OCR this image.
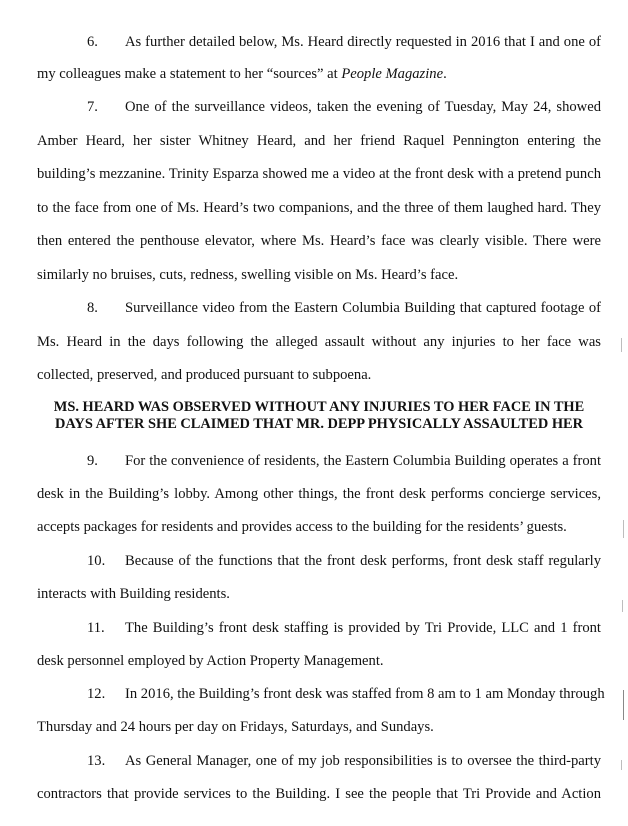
6. As further detailed below, Ms. Heard directly requested in 2016 that I and one of
my colleagues make a statement to her “sources” at People Magazine.
7. One of the surveillance videos, taken the evening of Tuesday, May 24, showed
Amber Heard, her sister Whitney Heard, and her friend Raquel Pennington entering the
building’s mezzanine. Trinity Esparza showed me a video at the front desk with a pretend punch
to the face from one of Ms. Heard’s two companions, and the three of them laughed hard. They
then entered the penthouse elevator, where Ms. Heard’s face was clearly visible. There were
similarly no bruises, cuts, redness, swelling visible on Ms. Heard’s face.
8. Surveillance video from the Eastern Columbia Building that captured footage of
Ms. Heard in the days following the alleged assault without any injuries to her face was
collected, preserved, and produced pursuant to subpoena.
MS. HEARD WAS OBSERVED WITHOUT ANY INJURIES TO HER FACE IN THE
DAYS AFTER SHE CLAIMED THAT MR. DEPP PHYSICALLY ASSAULTED HER
9. For the convenience of residents, the Eastern Columbia Building operates a front
desk in the Building’s lobby. Among other things, the front desk performs concierge services,
accepts packages for residents and provides access to the building for the residents’ guests.
10. Because of the functions that the front desk performs, front desk staff regularly
interacts with Building residents.
11. The Building’s front desk staffing is provided by Tri Provide, LLC and 1 front
desk personnel employed by Action Property Management.
12. In 2016, the Building’s front desk was staffed from 8 am to 1 am Monday through
Thursday and 24 hours per day on Fridays, Saturdays, and Sundays.
13. As General Manager, one of my job responsibilities is to oversee the third-party
contractors that provide services to the Building. I see the people that Tri Provide and Action
